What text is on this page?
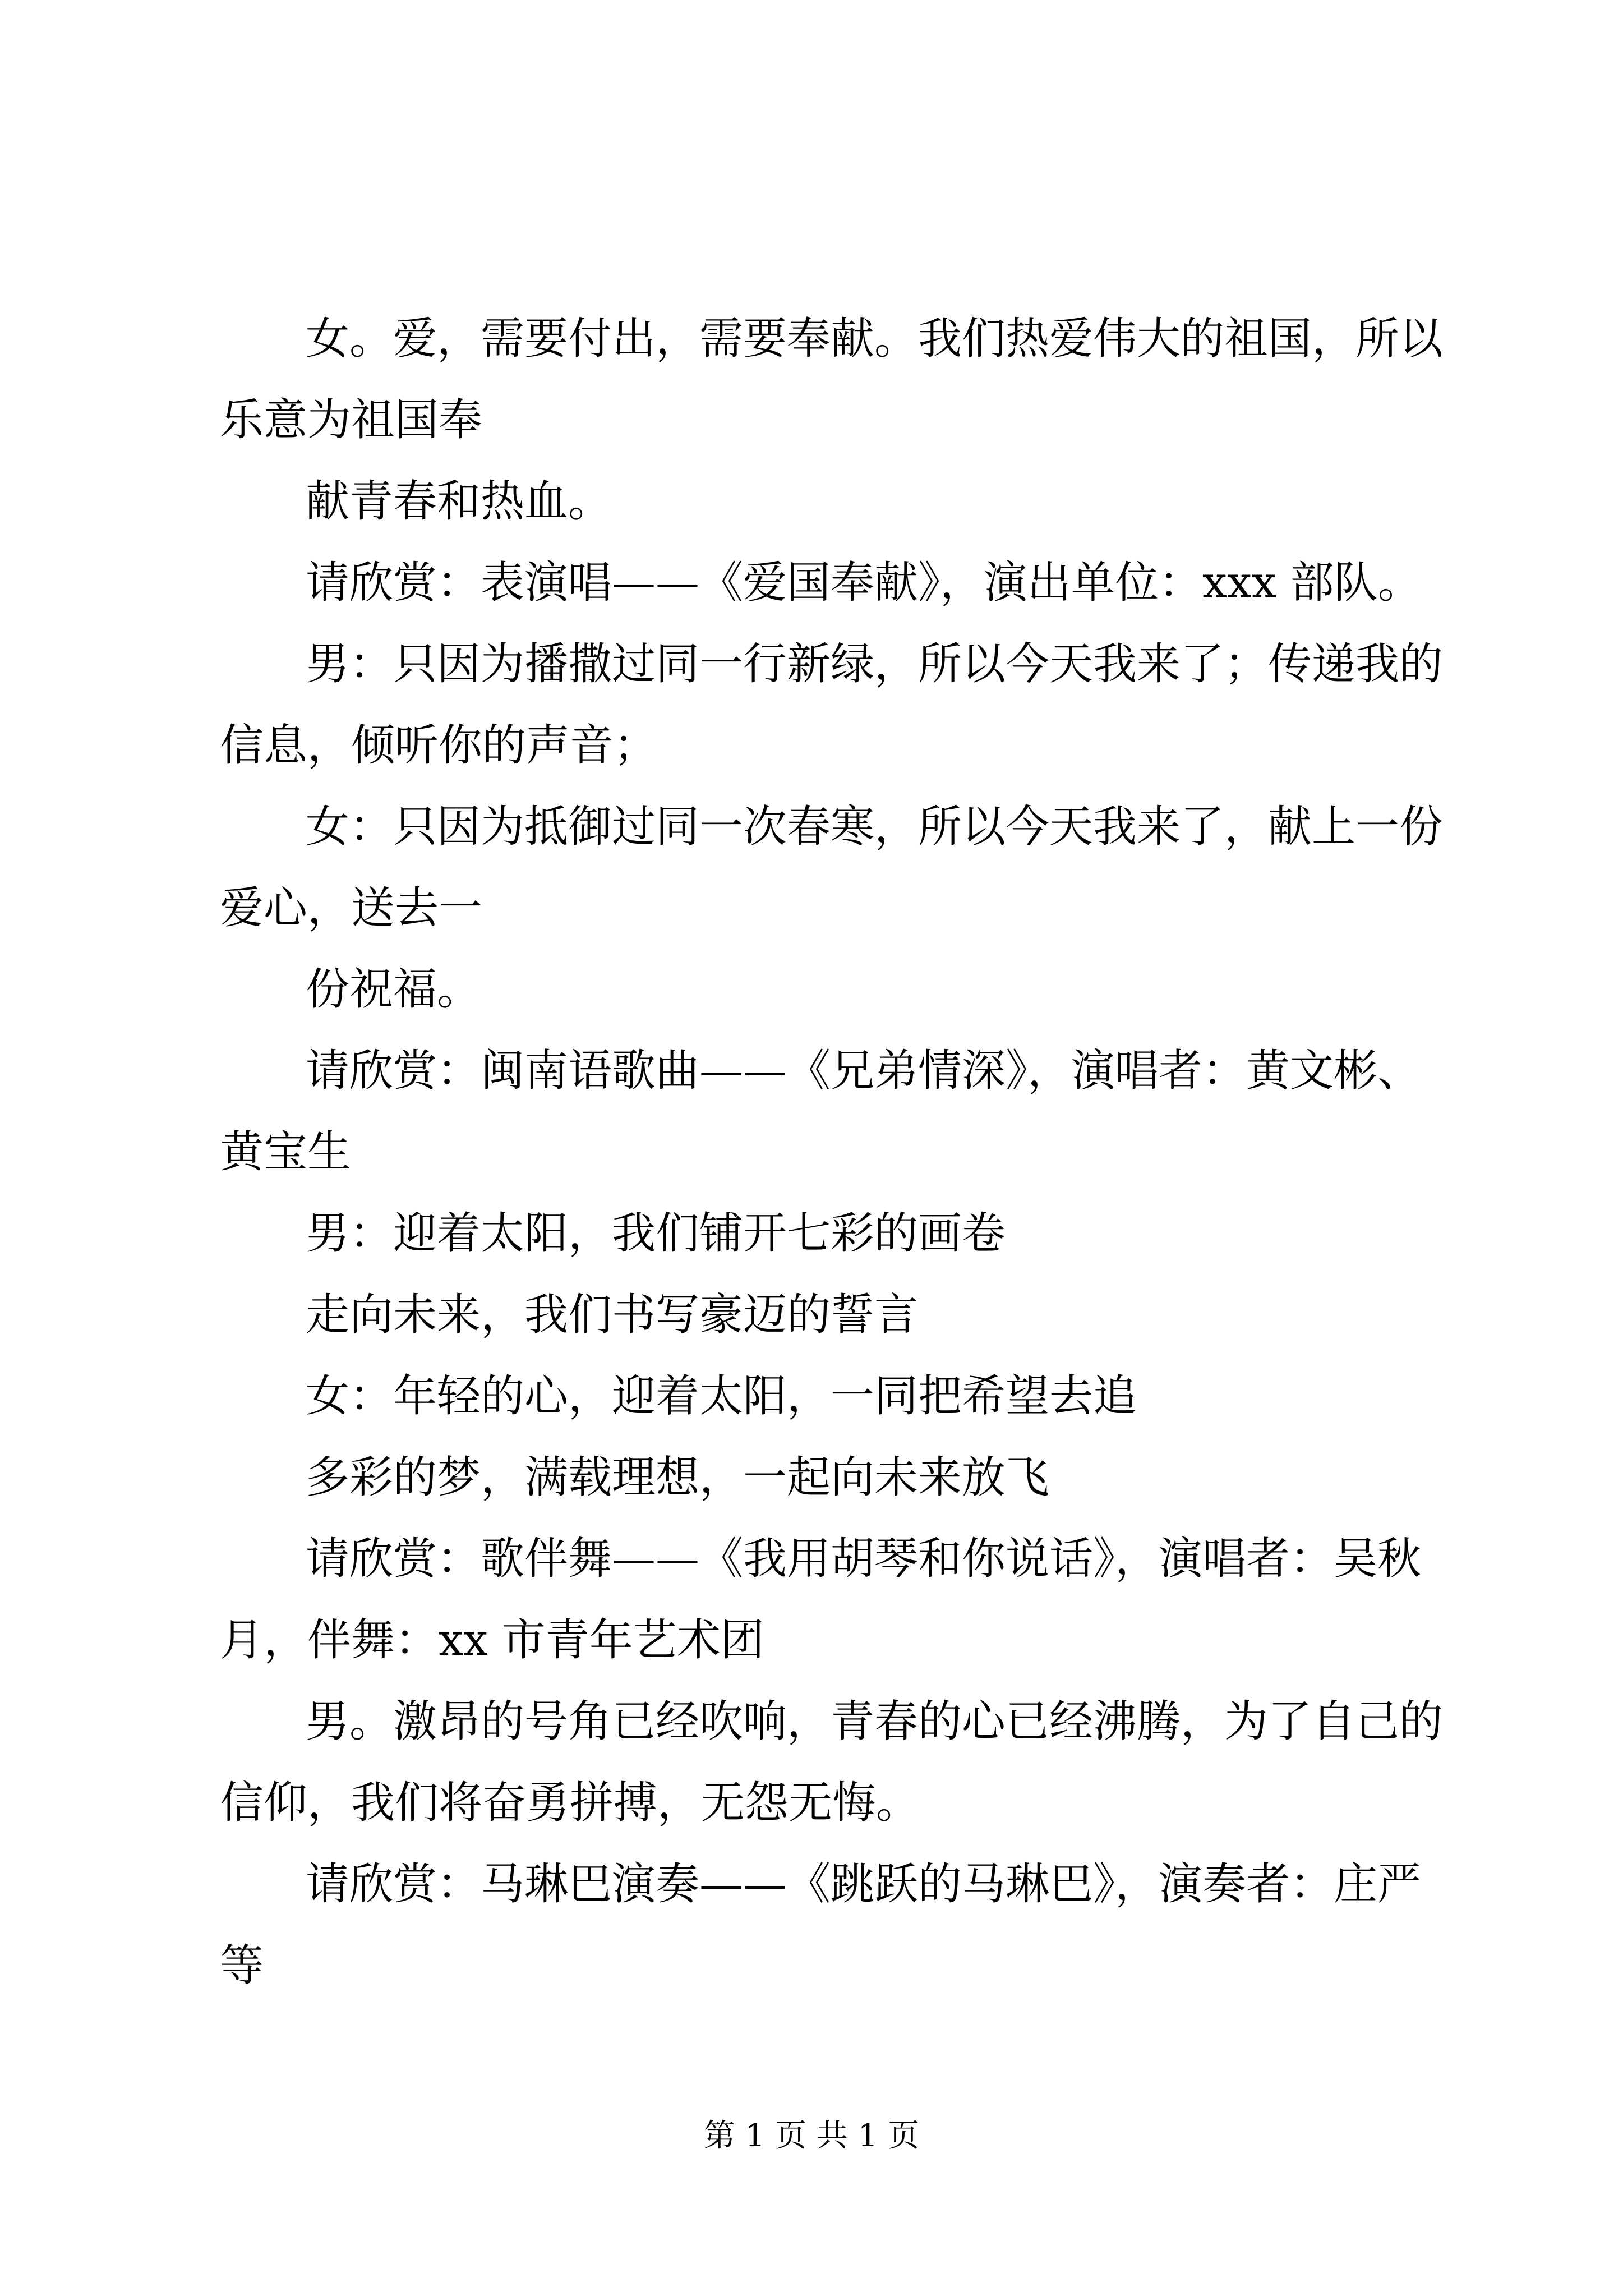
女。爱，需要付出，需要奉献。我们热爱伟大的祖国，所以
乐意为祖国奉
献青春和热血。
请欣赏：表演唱——《爱国奉献》，演出单位：xxx 部队。
男：只因为播撒过同一行新绿，所以今天我来了；传递我的
信息，倾听你的声音；
女：只因为抵御过同一次春寒，所以今天我来了，献上一份
爱心，送去一
份祝福。
请欣赏：闽南语歌曲——《兄弟情深》，演唱者：黄文彬、
黄宝生
男：迎着太阳，我们铺开七彩的画卷
走向未来，我们书写豪迈的誓言
女：年轻的心，迎着太阳，一同把希望去追
多彩的梦，满载理想，一起向未来放飞
请欣赏：歌伴舞——《我用胡琴和你说话》，演唱者：吴秋
月，伴舞：xx 市青年艺术团
男。激昂的号角已经吹响，青春的心已经沸腾，为了自己的
信仰，我们将奋勇拼搏，无怨无悔。
请欣赏：马琳巴演奏——《跳跃的马琳巴》，演奏者：庄严
等
第 1 页 共 1 页
